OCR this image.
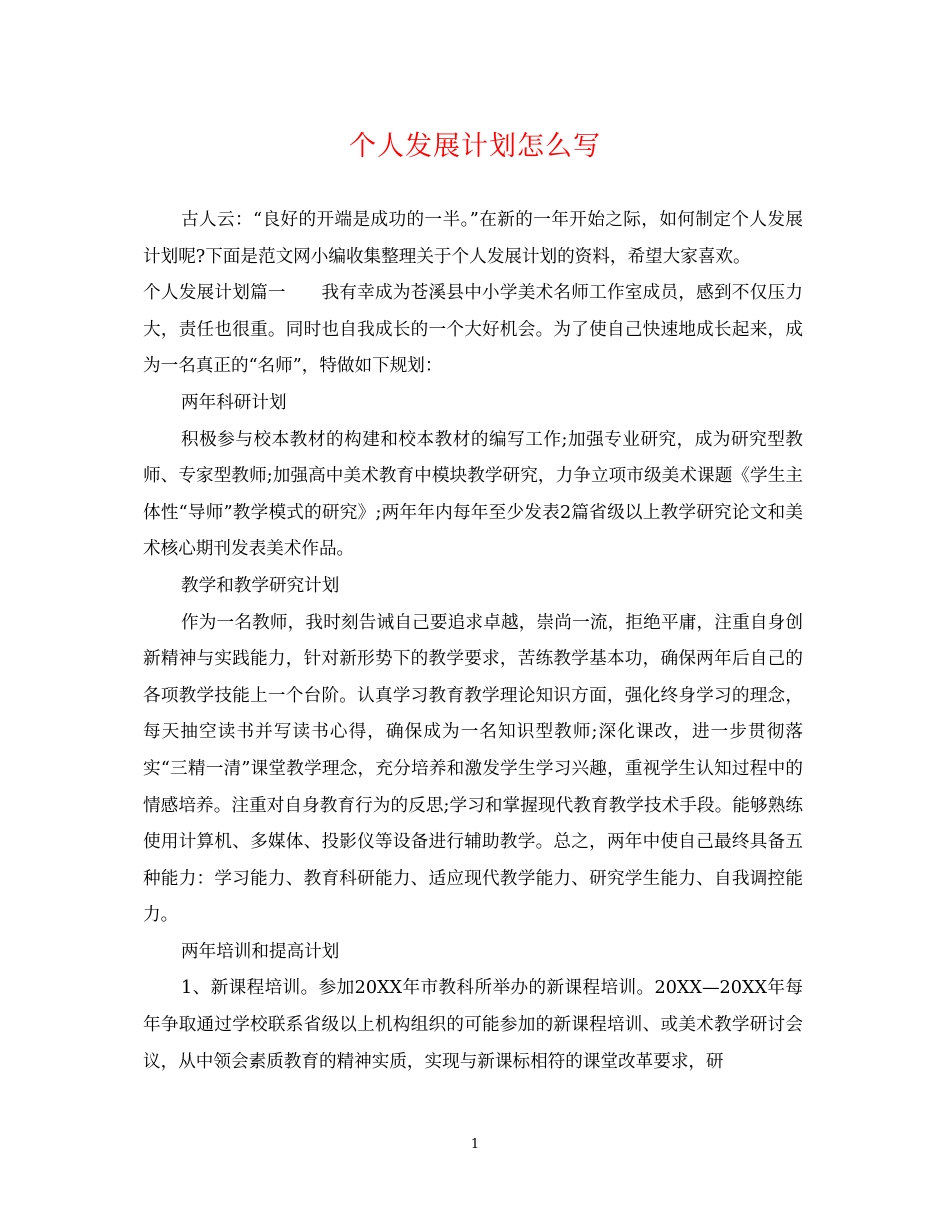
个人发展计划怎么写

古人云：“良好的开端是成功的一半。”在新的一年开始之际，如何制定个人发展计划呢?下面是范文网小编收集整理关于个人发展计划的资料，希望大家喜欢。

个人发展计划篇一　　我有幸成为苍溪县中小学美术名师工作室成员，感到不仅压力大，责任也很重。同时也自我成长的一个大好机会。为了使自己快速地成长起来，成为一名真正的“名师”，特做如下规划：

两年科研计划

积极参与校本教材的构建和校本教材的编写工作;加强专业研究，成为研究型教师、专家型教师;加强高中美术教育中模块教学研究，力争立项市级美术课题《学生主体性“导师”教学模式的研究》;两年年内每年至少发表2篇省级以上教学研究论文和美术核心期刊发表美术作品。

教学和教学研究计划

作为一名教师，我时刻告诫自己要追求卓越，崇尚一流，拒绝平庸，注重自身创新精神与实践能力，针对新形势下的教学要求，苦练教学基本功，确保两年后自己的各项教学技能上一个台阶。认真学习教育教学理论知识方面，强化终身学习的理念，每天抽空读书并写读书心得，确保成为一名知识型教师;深化课改，进一步贯彻落实“三精一清”课堂教学理念，充分培养和激发学生学习兴趣，重视学生认知过程中的情感培养。注重对自身教育行为的反思;学习和掌握现代教育教学技术手段。能够熟练使用计算机、多媒体、投影仪等设备进行辅助教学。总之，两年中使自己最终具备五种能力：学习能力、教育科研能力、适应现代教学能力、研究学生能力、自我调控能力。

两年培训和提高计划

1、新课程培训。参加20XX年市教科所举办的新课程培训。20XX—20XX年每年争取通过学校联系省级以上机构组织的可能参加的新课程培训、或美术教学研讨会议，从中领会素质教育的精神实质，实现与新课标相符的课堂改革要求，研

1
